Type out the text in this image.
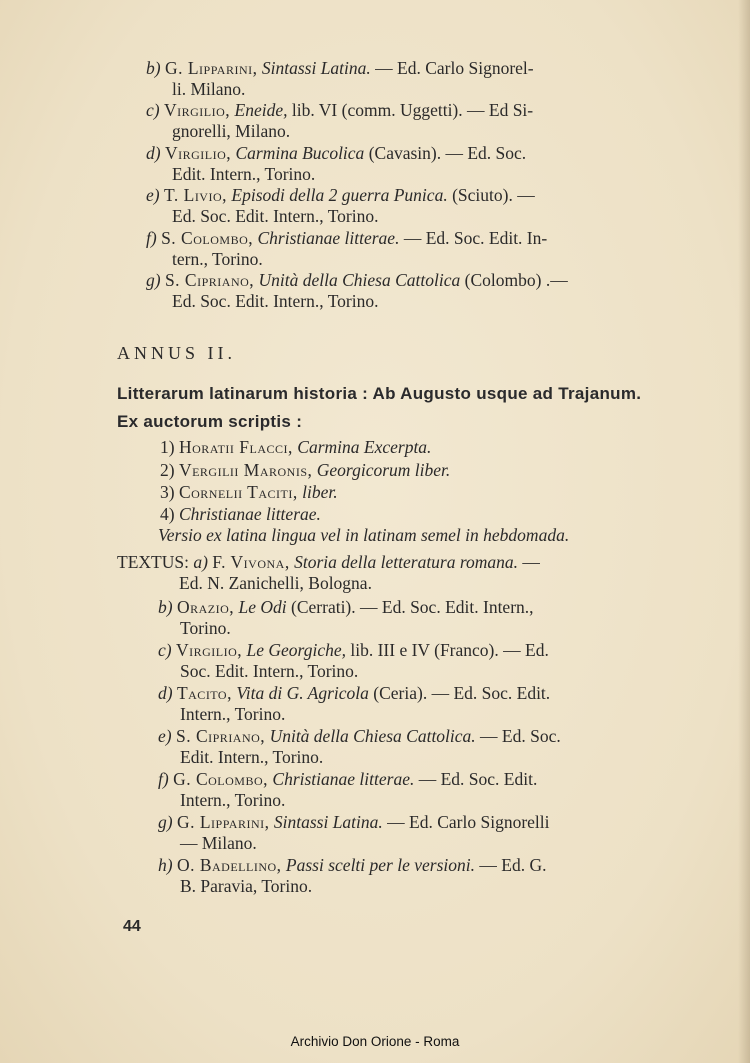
b) G. Lipparini, Sintassi Latina. — Ed. Carlo Signorel-
li. Milano.
c) Virgilio, Eneide, lib. VI (comm. Uggetti). — Ed Si-
gnorelli, Milano.
d) Virgilio, Carmina Bucolica (Cavasin). — Ed. Soc.
Edit. Intern., Torino.
e) T. Livio, Episodi della 2 guerra Punica. (Sciuto). —
Ed. Soc. Edit. Intern., Torino.
f) S. Colombo, Christianae litterae. — Ed. Soc. Edit. In-
tern., Torino.
g) S. Cipriano, Unità della Chiesa Cattolica (Colombo) .—
Ed. Soc. Edit. Intern., Torino.
ANNUS II.
Litterarum latinarum historia : Ab Augusto usque ad Trajanum.
Ex auctorum scriptis :
1) Horatii Flacci, Carmina Excerpta.
2) Vergilii Maronis, Georgicorum liber.
3) Cornelii Taciti, liber.
4) Christianae litterae.
Versio ex latina lingua vel in latinam semel in hebdomada.
TEXTUS: a) F. Vivona, Storia della letteratura romana. —
Ed. N. Zanichelli, Bologna.
b) Orazio, Le Odi (Cerrati). — Ed. Soc. Edit. Intern.,
Torino.
c) Virgilio, Le Georgiche, lib. III e IV (Franco). — Ed.
Soc. Edit. Intern., Torino.
d) Tacito, Vita di G. Agricola (Ceria). — Ed. Soc. Edit.
Intern., Torino.
e) S. Cipriano, Unità della Chiesa Cattolica. — Ed. Soc.
Edit. Intern., Torino.
f) G. Colombo, Christianae litterae. — Ed. Soc. Edit.
Intern., Torino.
g) G. Lipparini, Sintassi Latina. — Ed. Carlo Signorelli
— Milano.
h) O. Badellino, Passi scelti per le versioni. — Ed. G.
B. Paravia, Torino.
44
Archivio Don Orione - Roma
